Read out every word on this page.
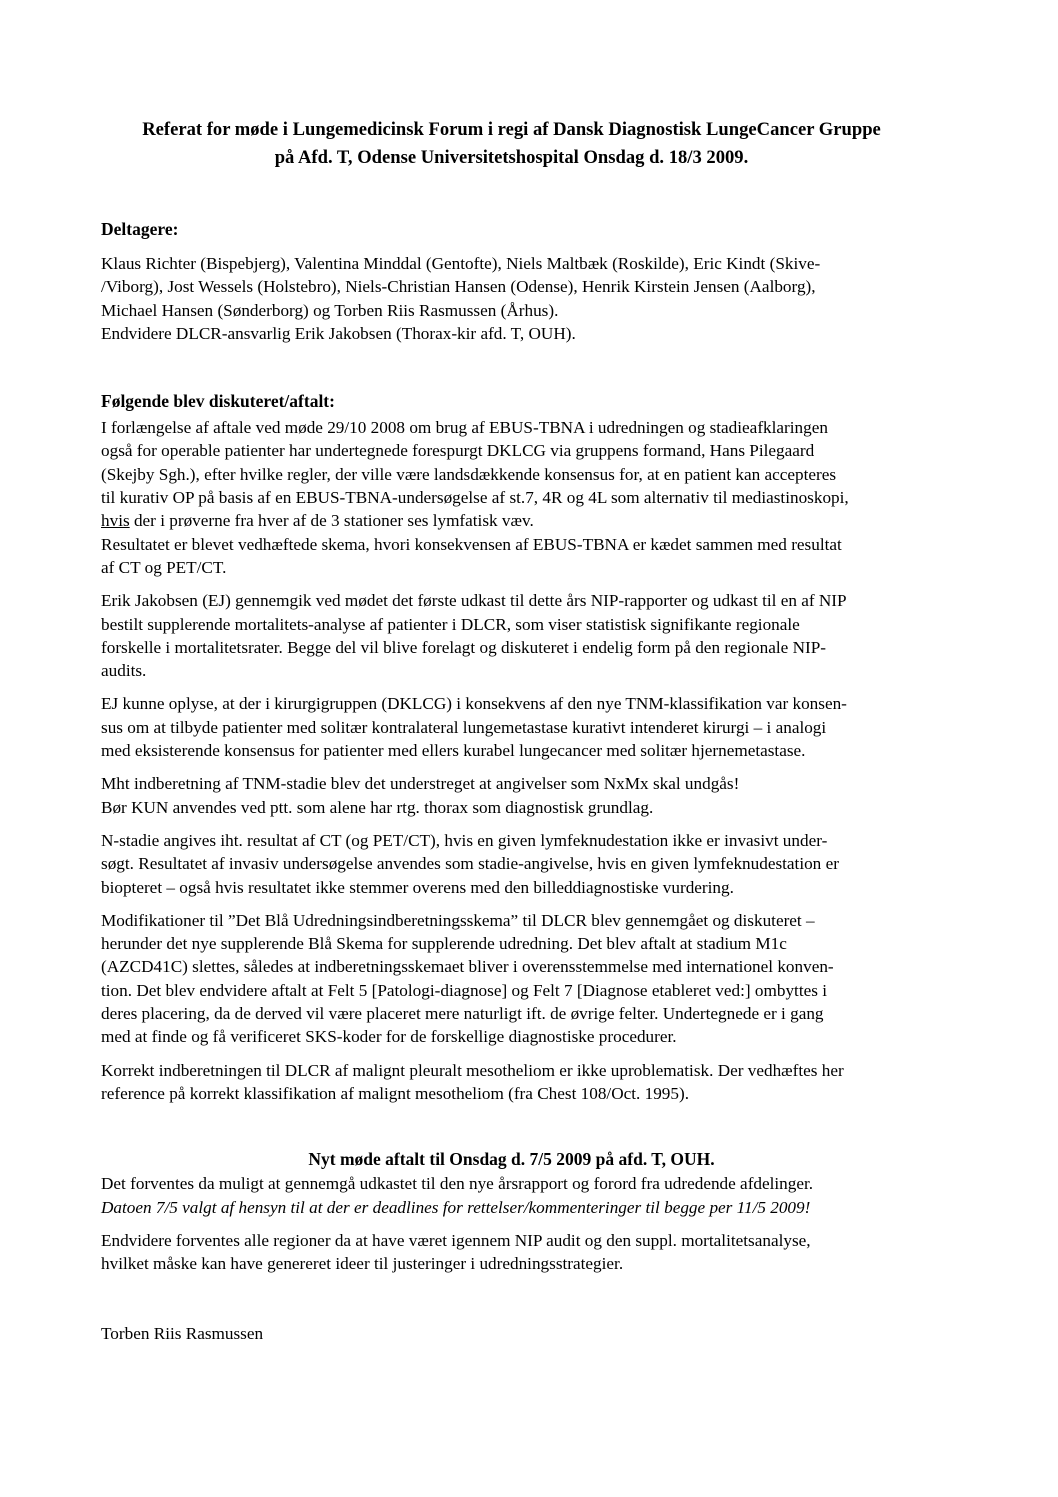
Referat for møde i Lungemedicinsk Forum i regi af Dansk Diagnostisk LungeCancer Gruppe
på Afd. T, Odense Universitetshospital Onsdag d. 18/3 2009.

Deltagere:

Klaus Richter (Bispebjerg), Valentina Minddal (Gentofte), Niels Maltbæk (Roskilde), Eric Kindt (Skive-
/Viborg), Jost Wessels (Holstebro), Niels-Christian Hansen (Odense), Henrik Kirstein Jensen (Aalborg),
Michael Hansen (Sønderborg) og Torben Riis Rasmussen (Århus).
Endvidere DLCR-ansvarlig Erik Jakobsen (Thorax-kir afd. T, OUH).

Følgende blev diskuteret/aftalt:

I forlængelse af aftale ved møde 29/10 2008 om brug af EBUS-TBNA i udredningen og stadieafklaringen
også for operable patienter har undertegnede forespurgt DKLCG via gruppens formand, Hans Pilegaard
(Skejby Sgh.), efter hvilke regler, der ville være landsdækkende konsensus for, at en patient kan accepteres
til kurativ OP på basis af en EBUS-TBNA-undersøgelse af st.7, 4R og 4L som alternativ til mediastinoskopi,
hvis der i prøverne fra hver af de 3 stationer ses lymfatisk væv.
Resultatet er blevet vedhæftede skema, hvori konsekvensen af EBUS-TBNA er kædet sammen med resultat
af CT og PET/CT.

Erik Jakobsen (EJ) gennemgik ved mødet det første udkast til dette års NIP-rapporter og udkast til en af NIP
bestilt supplerende mortalitets-analyse af patienter i DLCR, som viser statistisk signifikante regionale
forskelle i mortalitetsrater. Begge del vil blive forelagt og diskuteret i endelig form på den regionale NIP-
audits.

EJ kunne oplyse, at der i kirurgigruppen (DKLCG) i konsekvens af den nye TNM-klassifikation var konsen-
sus om at tilbyde patienter med solitær kontralateral lungemetastase kurativt intenderet kirurgi – i analogi
med eksisterende konsensus for patienter med ellers kurabel lungecancer med solitær hjernemetastase.

Mht indberetning af TNM-stadie blev det understreget at angivelser som NxMx skal undgås!
Bør KUN anvendes ved ptt. som alene har rtg. thorax som diagnostisk grundlag.

N-stadie angives iht. resultat af CT (og PET/CT), hvis en given lymfeknudestation ikke er invasivt under-
søgt. Resultatet af invasiv undersøgelse anvendes som stadie-angivelse, hvis en given lymfeknudestation er
biopteret – også hvis resultatet ikke stemmer overens med den billeddiagnostiske vurdering.

Modifikationer til ”Det Blå Udredningsindberetningsskema” til DLCR blev gennemgået og diskuteret –
herunder det nye supplerende Blå Skema for supplerende udredning. Det blev aftalt at stadium M1c
(AZCD41C) slettes, således at indberetningsskemaet bliver i overensstemmelse med internationel konven-
tion. Det blev endvidere aftalt at Felt 5 [Patologi-diagnose] og Felt 7 [Diagnose etableret ved:] ombyttes i
deres placering, da de derved vil være placeret mere naturligt ift. de øvrige felter. Undertegnede er i gang
med at finde og få verificeret SKS-koder for de forskellige diagnostiske procedurer.

Korrekt indberetningen til DLCR af malignt pleuralt mesotheliom er ikke uproblematisk. Der vedhæftes her
reference på korrekt klassifikation af malignt mesotheliom (fra Chest 108/Oct. 1995).

Nyt møde aftalt til Onsdag d. 7/5 2009 på afd. T, OUH.

Det forventes da muligt at gennemgå udkastet til den nye årsrapport og forord fra udredende afdelinger.
Datoen 7/5 valgt af hensyn til at der er deadlines for rettelser/kommenteringer til begge per 11/5 2009!

Endvidere forventes alle regioner da at have været igennem NIP audit og den suppl. mortalitetsanalyse,
hvilket måske kan have genereret ideer til justeringer i udredningsstrategier.

Torben Riis Rasmussen
